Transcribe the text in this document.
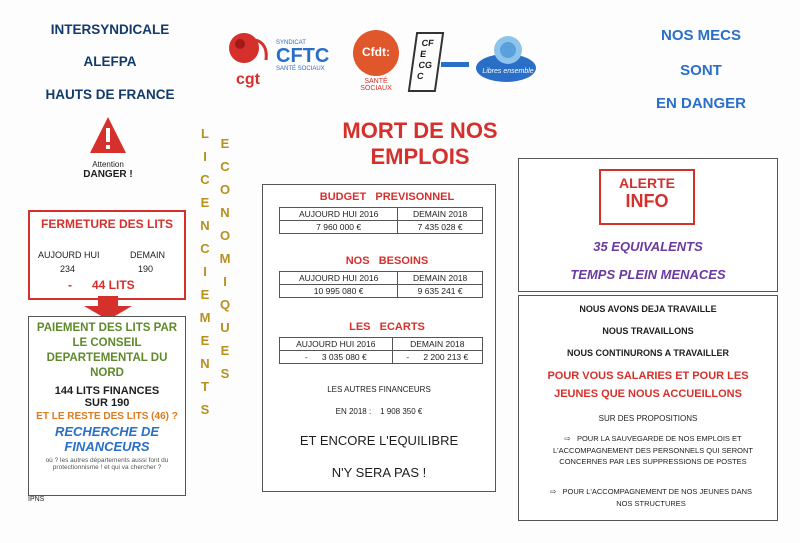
INTERSYNDICALE
ALEFPA
HAUTS DE FRANCE
NOS MECS
SONT
EN DANGER
cgt
SYNDICAT
CFTC
SANTÉ SOCIAUX
Cfdt:
SANTÉ
SOCIAUX
CFE CGC	Libres ensemble
Attention
DANGER !
MORT DE NOS EMPLOIS
L
I
C
E
N
C
I
E
M
E
N
T
S
E
C
O
N
O
M
I
Q
U
E
S
FERMETURE DES LITS
AUJOURD HUI	DEMAIN
234	190
-      44 LITS
PAIEMENT DES LITS PAR LE CONSEIL DEPARTEMENTAL DU NORD
144 LITS FINANCES
SUR 190
ET LE RESTE DES LITS (46) ?
RECHERCHE DE
FINANCEURS
où ? les autres départements aussi font du
protectionnisme ! et qui va chercher ?
IPNS
BUDGET   PREVISONNEL
AUJOURD HUI 2016	DEMAIN 2018
7 960 000 €	7 435 028 €
NOS   BESOINS
AUJOURD HUI 2016	DEMAIN 2018
10 995 080 €	9 635 241 €
LES   ECARTS
AUJOURD HUI 2016	DEMAIN 2018
-      3 035 080 €	-      2 200 213 €
LES AUTRES FINANCEURS
EN 2018 :    1 908 350 €
ET ENCORE L'EQUILIBRE
N'Y SERA PAS !
ALERTE
INFO
35 EQUIVALENTS
TEMPS PLEIN MENACES
NOUS AVONS DEJA TRAVAILLE
NOUS TRAVAILLONS
NOUS CONTINURONS A TRAVAILLER
POUR VOUS SALARIES ET POUR LES
JEUNES QUE NOUS ACCUEILLONS
SUR DES PROPOSITIONS
⇨   POUR LA SAUVEGARDE DE NOS EMPLOIS ET L'ACCOMPAGNEMENT DES PERSONNELS QUI SERONT CONCERNES PAR LES SUPPRESSIONS DE POSTES
⇨   POUR L'ACCOMPAGNEMENT DE NOS JEUNES DANS NOS STRUCTURES
